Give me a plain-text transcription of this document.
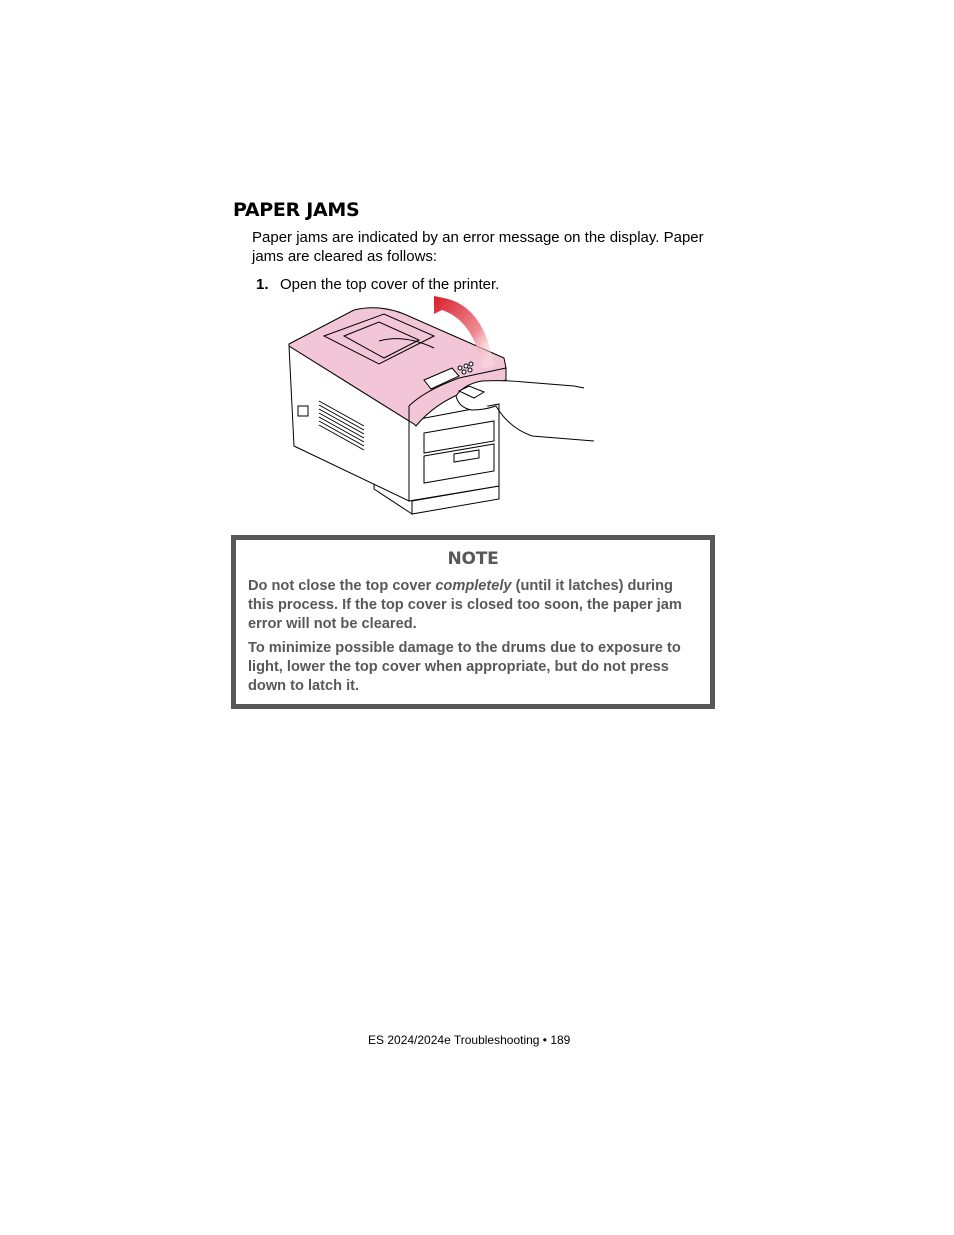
PAPER JAMS

Paper jams are indicated by an error message on the display. Paper jams are cleared as follows:

1. Open the top cover of the printer.

NOTE

Do not close the top cover completely (until it latches) during this process. If the top cover is closed too soon, the paper jam error will not be cleared.

To minimize possible damage to the drums due to exposure to light, lower the top cover when appropriate, but do not press down to latch it.

ES 2024/2024e Troubleshooting • 189
